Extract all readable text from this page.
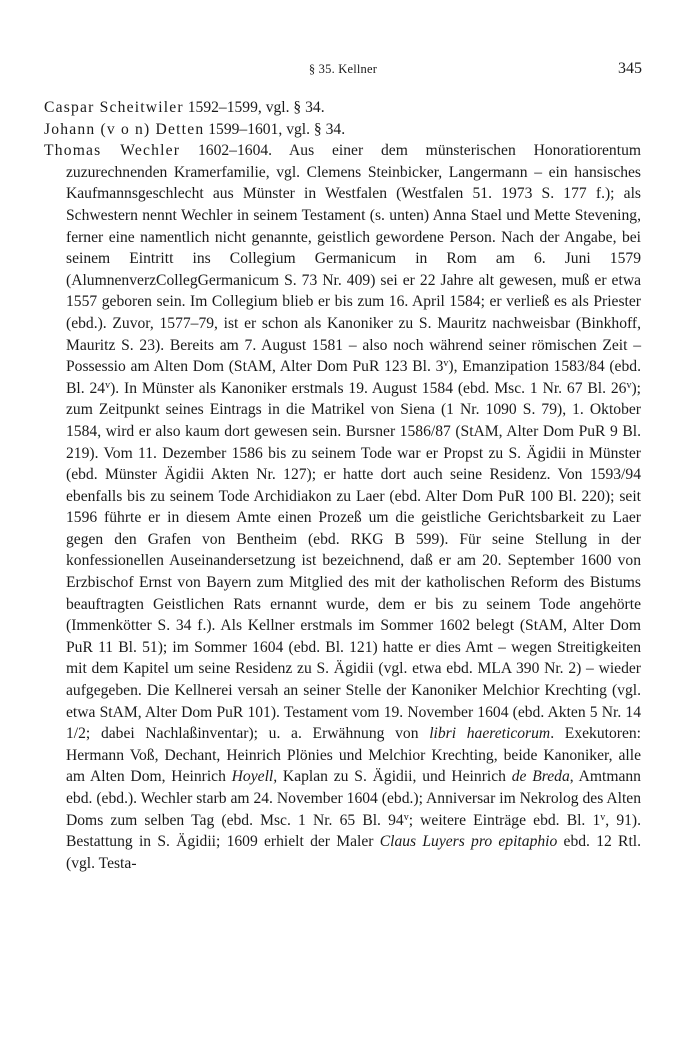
§ 35. Kellner	345

Caspar Scheitwiler 1592–1599, vgl. § 34.

Johann (v o n) Detten 1599–1601, vgl. § 34.

Thomas Wechler 1602–1604. Aus einer dem münsterischen Honoratiorentum zuzurechnenden Kramerfamilie, vgl. Clemens Steinbicker, Langermann – ein hansisches Kaufmannsgeschlecht aus Münster in Westfalen (Westfalen 51. 1973 S. 177 f.); als Schwestern nennt Wechler in seinem Testament (s. unten) Anna Stael und Mette Stevening, ferner eine namentlich nicht genannte, geistlich gewordene Person. Nach der Angabe, bei seinem Eintritt ins Collegium Germanicum in Rom am 6. Juni 1579 (AlumnenverzCollegGermanicum S. 73 Nr. 409) sei er 22 Jahre alt gewesen, muß er etwa 1557 geboren sein. Im Collegium blieb er bis zum 16. April 1584; er verließ es als Priester (ebd.). Zuvor, 1577–79, ist er schon als Kanoniker zu S. Mauritz nachweisbar (Binkhoff, Mauritz S. 23). Bereits am 7. August 1581 – also noch während seiner römischen Zeit – Possessio am Alten Dom (StAM, Alter Dom PuR 123 Bl. 3$^v$), Emanzipation 1583/84 (ebd. Bl. 24$^v$). In Münster als Kanoniker erstmals 19. August 1584 (ebd. Msc. 1 Nr. 67 Bl. 26$^v$); zum Zeitpunkt seines Eintrags in die Matrikel von Siena (1 Nr. 1090 S. 79), 1. Oktober 1584, wird er also kaum dort gewesen sein. Bursner 1586/87 (StAM, Alter Dom PuR 9 Bl. 219). Vom 11. Dezember 1586 bis zu seinem Tode war er Propst zu S. Ägidii in Münster (ebd. Münster Ägidii Akten Nr. 127); er hatte dort auch seine Residenz. Von 1593/94 ebenfalls bis zu seinem Tode Archidiakon zu Laer (ebd. Alter Dom PuR 100 Bl. 220); seit 1596 führte er in diesem Amte einen Prozeß um die geistliche Gerichtsbarkeit zu Laer gegen den Grafen von Bentheim (ebd. RKG B 599). Für seine Stellung in der konfessionellen Auseinandersetzung ist bezeichnend, daß er am 20. September 1600 von Erzbischof Ernst von Bayern zum Mitglied des mit der katholischen Reform des Bistums beauftragten Geistlichen Rats ernannt wurde, dem er bis zu seinem Tode angehörte (Immenkötter S. 34 f.). Als Kellner erstmals im Sommer 1602 belegt (StAM, Alter Dom PuR 11 Bl. 51); im Sommer 1604 (ebd. Bl. 121) hatte er dies Amt – wegen Streitigkeiten mit dem Kapitel um seine Residenz zu S. Ägidii (vgl. etwa ebd. MLA 390 Nr. 2) – wieder aufgegeben. Die Kellnerei versah an seiner Stelle der Kanoniker Melchior Krechting (vgl. etwa StAM, Alter Dom PuR 101). Testament vom 19. November 1604 (ebd. Akten 5 Nr. 14 1/2; dabei Nachlaßinventar); u. a. Erwähnung von libri haereticorum. Exekutoren: Hermann Voß, Dechant, Heinrich Plönies und Melchior Krechting, beide Kanoniker, alle am Alten Dom, Heinrich Hoyell, Kaplan zu S. Ägidii, und Heinrich de Breda, Amtmann ebd. (ebd.). Wechler starb am 24. November 1604 (ebd.); Anniversar im Nekrolog des Alten Doms zum selben Tag (ebd. Msc. 1 Nr. 65 Bl. 94$^v$; weitere Einträge ebd. Bl. 1$^v$, 91). Bestattung in S. Ägidii; 1609 erhielt der Maler Claus Luyers pro epitaphio ebd. 12 Rtl. (vgl. Testa-
